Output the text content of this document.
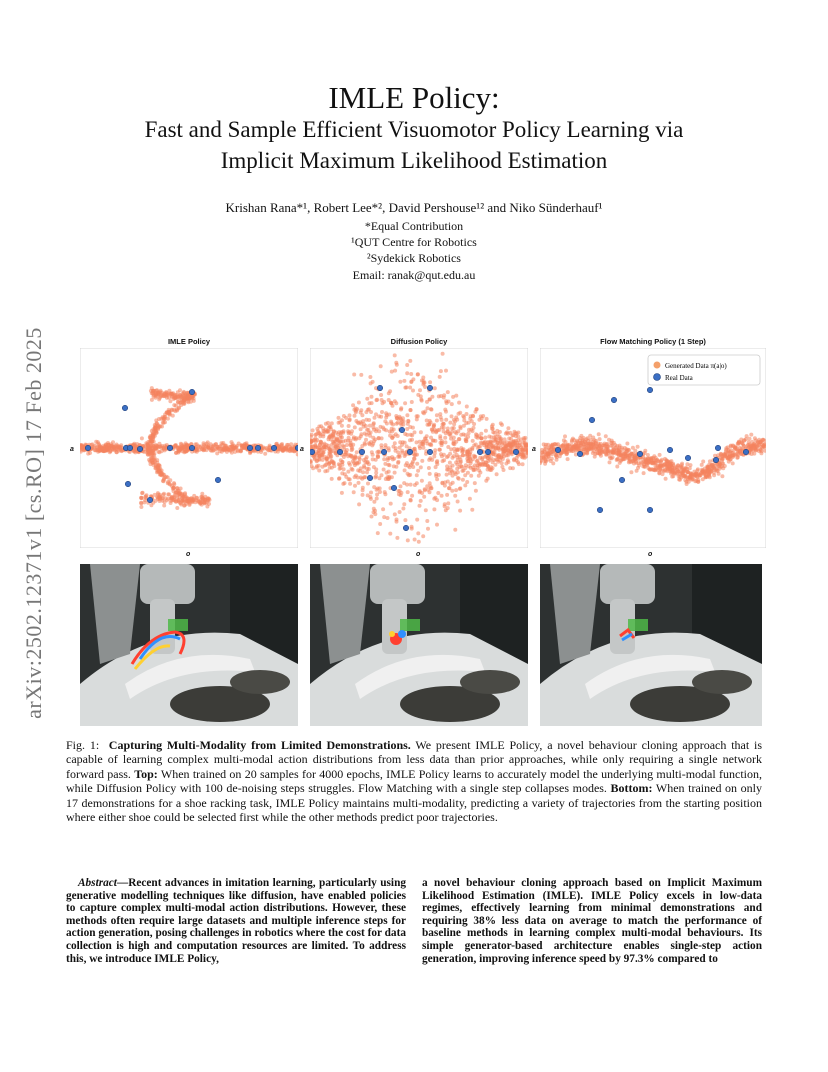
IMLE Policy:
Fast and Sample Efficient Visuomotor Policy Learning via
Implicit Maximum Likelihood Estimation
Krishan Rana*¹, Robert Lee*², David Pershouse¹² and Niko Sünderhauf¹
*Equal Contribution
¹QUT Centre for Robotics
²Sydekick Robotics
Email: ranak@qut.edu.au
arXiv:2502.12371v1 [cs.RO] 17 Feb 2025	IMLE Policy	Diffusion Policy	Flow Matching Policy (1 Step)
a	a	a
o	o	o
Generated Data π(a|o)
Real Data
Fig. 1: Capturing Multi-Modality from Limited Demonstrations. We present IMLE Policy, a novel behaviour cloning approach that is capable of learning complex multi-modal action distributions from less data than prior approaches, while only requiring a single network forward pass. Top: When trained on 20 samples for 4000 epochs, IMLE Policy learns to accurately model the underlying multi-modal function, while Diffusion Policy with 100 de-noising steps struggles. Flow Matching with a single step collapses modes. Bottom: When trained on only 17 demonstrations for a shoe racking task, IMLE Policy maintains multi-modality, predicting a variety of trajectories from the starting position where either shoe could be selected first while the other methods predict poor trajectories.
Abstract—Recent advances in imitation learning, particularly using generative modelling techniques like diffusion, have enabled policies to capture complex multi-modal action distributions. However, these methods often require large datasets and multiple inference steps for action generation, posing challenges in robotics where the cost for data collection is high and computation resources are limited. To address this, we introduce IMLE Policy,
a novel behaviour cloning approach based on Implicit Maximum Likelihood Estimation (IMLE). IMLE Policy excels in low-data regimes, effectively learning from minimal demonstrations and requiring 38% less data on average to match the performance of baseline methods in learning complex multi-modal behaviours. Its simple generator-based architecture enables single-step action generation, improving inference speed by 97.3% compared to
